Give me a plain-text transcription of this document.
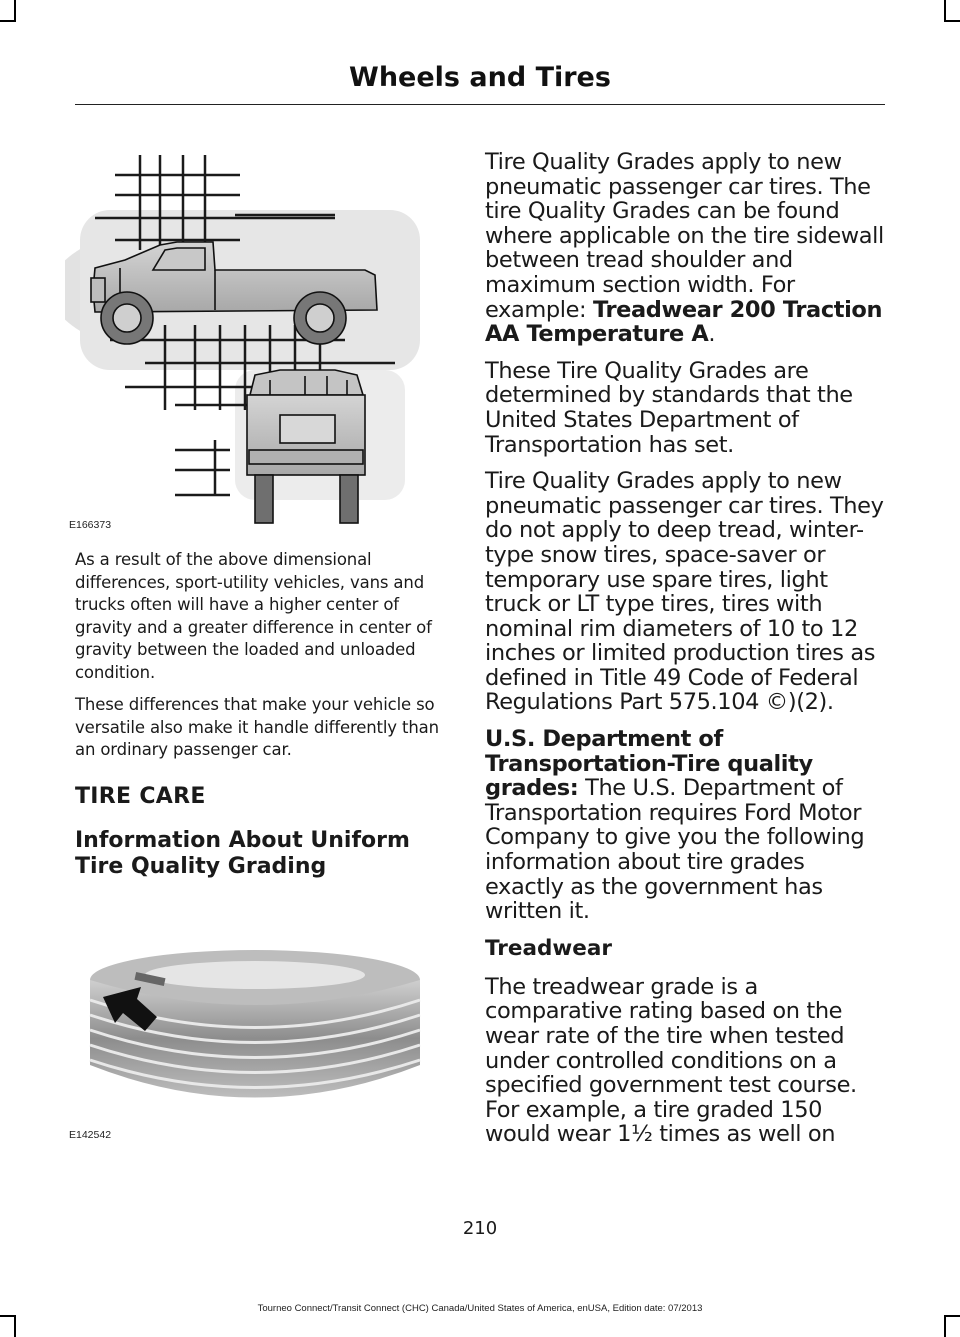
Wheels and Tires
E166373

As a result of the above dimensional differences, sport-utility vehicles, vans and trucks often will have a higher center of gravity and a greater difference in center of gravity between the loaded and unloaded condition.

These differences that make your vehicle so versatile also make it handle differently than an ordinary passenger car.

TIRE CARE

Information About Uniform

Tire Quality Grading

E142542

Tire Quality Grades apply to new pneumatic passenger car tires. The tire Quality Grades can be found where applicable on the tire sidewall between tread shoulder and maximum section width. For example: Treadwear 200 Traction AA Temperature A.

These Tire Quality Grades are determined by standards that the United States Department of Transportation has set.

Tire Quality Grades apply to new pneumatic passenger car tires. They do not apply to deep tread, winter-type snow tires, space-saver or temporary use spare tires, light truck or LT type tires, tires with nominal rim diameters of 10 to 12 inches or limited production tires as defined in Title 49 Code of Federal Regulations Part 575.104 ©)(2).

U.S. Department of Transportation-Tire quality grades: The U.S. Department of Transportation requires Ford Motor Company to give you the following information about tire grades exactly as the government has written it.

Treadwear

The treadwear grade is a comparative rating based on the wear rate of the tire when tested under controlled conditions on a specified government test course. For example, a tire graded 150 would wear 1½ times as well on

210
Tourneo Connect/Transit Connect (CHC) Canada/United States of America, enUSA, Edition date: 07/2013
